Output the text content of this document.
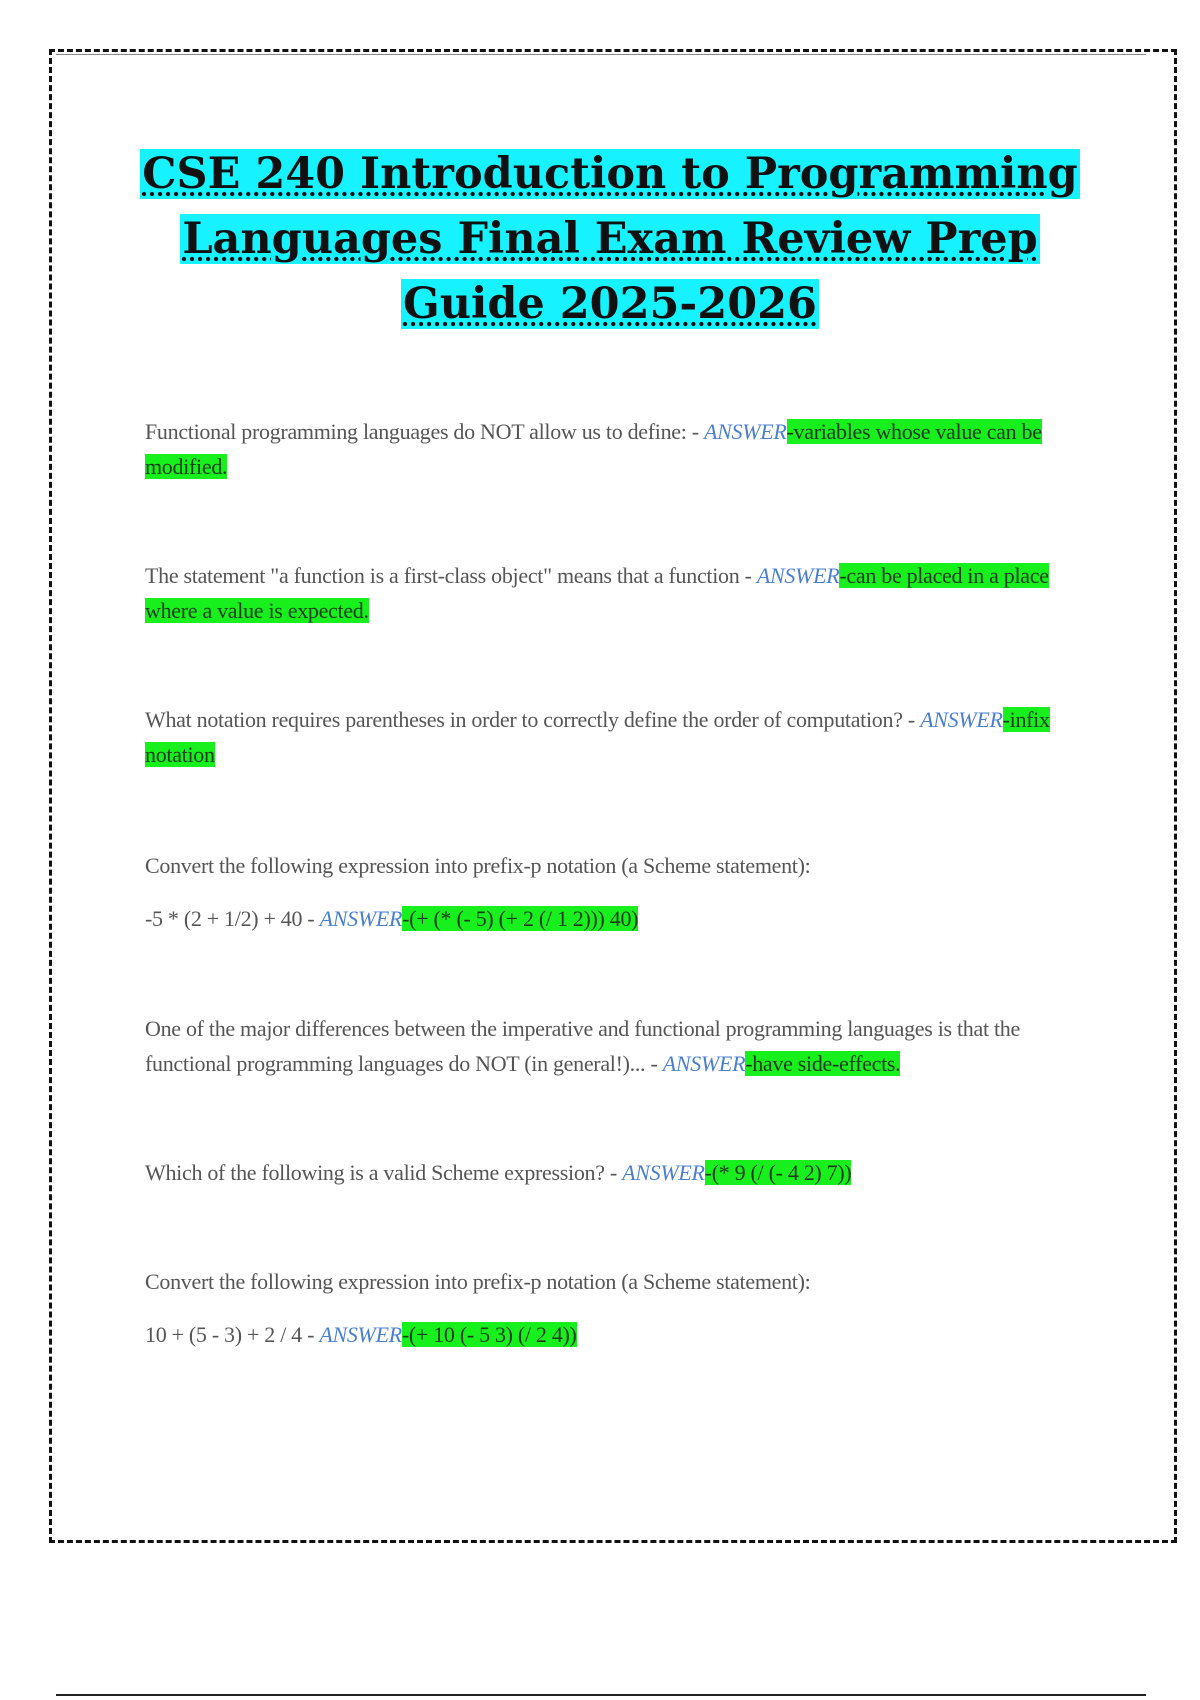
CSE 240 Introduction to Programming Languages Final Exam Review Prep Guide 2025-2026

Functional programming languages do NOT allow us to define: - ANSWER-variables whose value can be modified.

The statement "a function is a first-class object" means that a function - ANSWER-can be placed in a place where a value is expected.

What notation requires parentheses in order to correctly define the order of computation? - ANSWER-infix notation

Convert the following expression into prefix-p notation (a Scheme statement):

-5 * (2 + 1/2) + 40 - ANSWER-(+ (* (- 5) (+ 2 (/ 1 2))) 40)

One of the major differences between the imperative and functional programming languages is that the functional programming languages do NOT (in general!)... - ANSWER-have side-effects.

Which of the following is a valid Scheme expression? - ANSWER-(* 9 (/ (- 4 2) 7))

Convert the following expression into prefix-p notation (a Scheme statement):

10 + (5 - 3) + 2 / 4 - ANSWER-(+ 10 (- 5 3) (/ 2 4))
